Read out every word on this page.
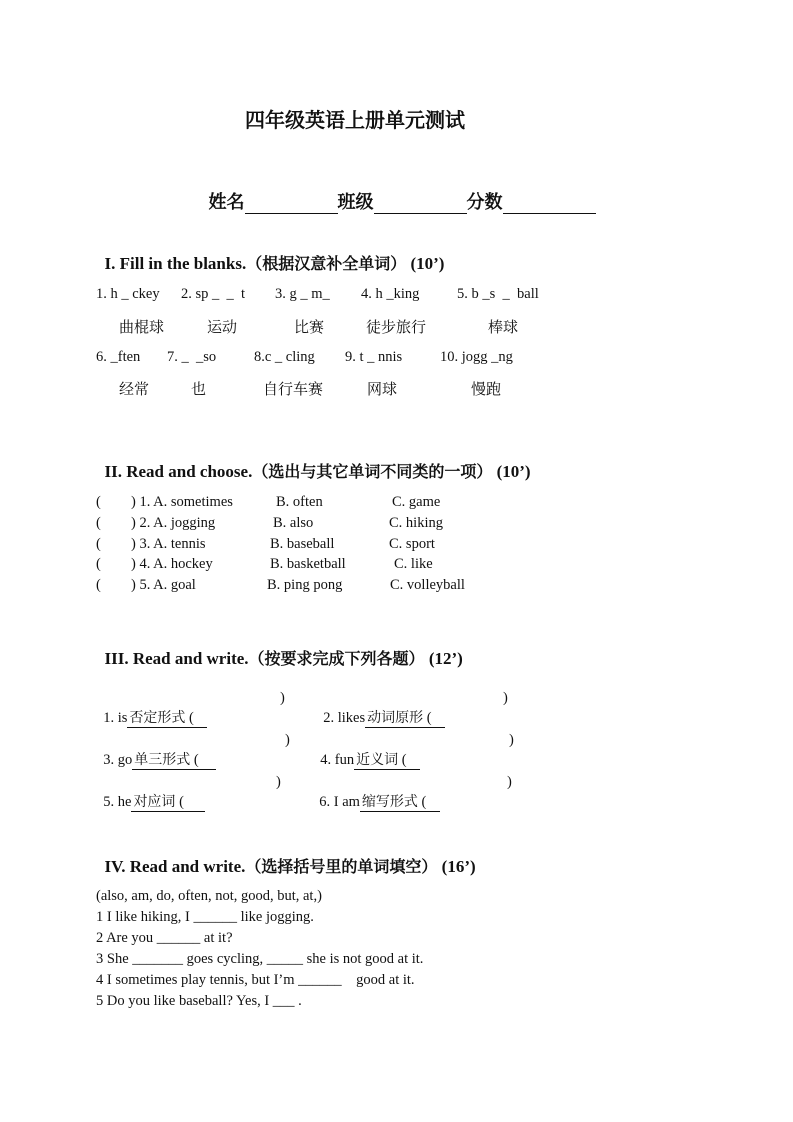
四年级英语上册单元测试

姓名	班级	分数

I. Fill in the blanks.（根据汉意补全单词） (10’)

1. h _ ckey 2. sp _  _  t 3. g _ m_ 4. h _king	5. b _s  _  ball
曲棍球	运动	比赛	徒步旅行	棒球
6. _ften 7. _  _so	8.c _ cling 9. t _ nnis	10. jogg _ng
经常	也	自行车赛	网球	慢跑

II. Read and choose.（选出与其它单词不同类的一项） (10’)

( ) 1. A. sometimes	B. often	C. game
( ) 2. A. jogging	B. also	C. hiking
( ) 3. A. tennis	B. baseball	C. sport
( ) 4. A. hockey	B. basketball	C. like
( ) 5. A. goal	B. ping pong	C. volleyball

III. Read and write.（按要求完成下列各题） (12’)

1. is 否定形式 (

)

2. likes 动词原形 (

)

3. go 单三形式 (

)

4. fun 近义词 (

)

5. he 对应词 (

)

6. I am 缩写形式 (

)

IV. Read and write.（选择括号里的单词填空） (16’)

(also, am, do, often, not, good, but, at,)
1 I like hiking, I ______ like jogging.
2 Are you ______ at it?
3 She _______ goes cycling, _____ she is not good at it.
4 I sometimes play tennis, but I’m ______    good at it.
5 Do you like baseball? Yes, I ___ .
